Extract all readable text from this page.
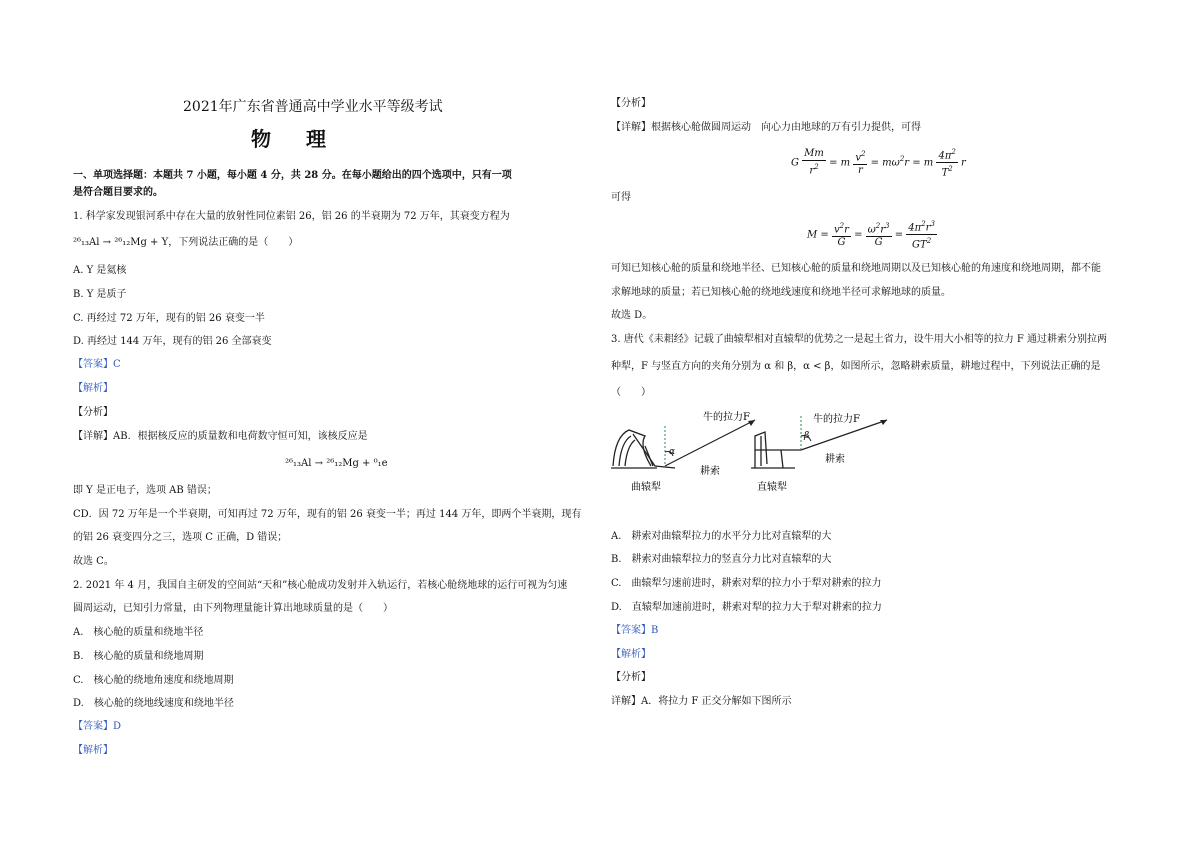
2021年广东省普通高中学业水平等级考试
物 理
一、单项选择题：本题共 7 小题，每小题 4 分，共 28 分。在每小题给出的四个选项中，只有一项
是符合题目要求的。
1. 科学家发现银河系中存在大量的放射性同位素铝 26，铝 26 的半衰期为 72 万年，其衰变方程为
²⁶₁₃Al → ²⁶₁₂Mg + Y，下列说法正确的是（　　）
A. Y 是氦核
B. Y 是质子
C. 再经过 72 万年，现有的铝 26 衰变一半
D. 再经过 144 万年，现有的铝 26 全部衰变
【答案】C
【解析】
【分析】
【详解】AB．根据核反应的质量数和电荷数守恒可知，该核反应是
²⁶₁₃Al → ²⁶₁₂Mg + ⁰₁e
即 Y 是正电子，选项 AB 错误；
CD．因 72 万年是一个半衰期，可知再过 72 万年，现有的铝 26 衰变一半；再过 144 万年，即两个半衰期，现有
的铝 26 衰变四分之三，选项 C 正确，D 错误；
故选 C。
2. 2021 年 4 月，我国自主研发的空间站“天和”核心舱成功发射并入轨运行，若核心舱绕地球的运行可视为匀速
圆周运动，已知引力常量，由下列物理量能计算出地球质量的是（　　）
A.　核心舱的质量和绕地半径
B.　核心舱的质量和绕地周期
C.　核心舱的绕地角速度和绕地周期
D.　核心舱的绕地线速度和绕地半径
【答案】D
【解析】
【分析】
【详解】根据核心舱做圆周运动　向心力由地球的万有引力提供，可得
G $\frac{Mm}{r^2} = m \frac{v^2}{r} = m\omega^2r = m \frac{4\pi^2}{T^2}$ r
可得
$M = \frac{v^2r}{G} = \frac{\omega^2r^3}{G} = \frac{4\pi^2r^3}{GT^2}$
可知已知核心舱的质量和绕地半径、已知核心舱的质量和绕地周期以及已知核心舱的角速度和绕地周期，都不能
求解地球的质量；若已知核心舱的绕地线速度和绕地半径可求解地球的质量。
故选 D。
3. 唐代《耒耜经》记载了曲辕犁相对直辕犁的优势之一是起土省力，设牛用大小相等的拉力 F 通过耕索分别拉两
种犁，F 与竖直方向的夹角分别为 α 和 β，α < β，如图所示，忽略耕索质量，耕地过程中，下列说法正确的是
（　　）
α
牛的拉力F
耕索
曲辕犁
β
牛的拉力F
耕索
直辕犁
A.　耕索对曲辕犁拉力的水平分力比对直辕犁的大
B.　耕索对曲辕犁拉力的竖直分力比对直辕犁的大
C.　曲辕犁匀速前进时，耕索对犁的拉力小于犁对耕索的拉力
D.　直辕犁加速前进时，耕索对犁的拉力大于犁对耕索的拉力
【答案】B
【解析】
【分析】
详解】A．将拉力 F 正交分解如下图所示
